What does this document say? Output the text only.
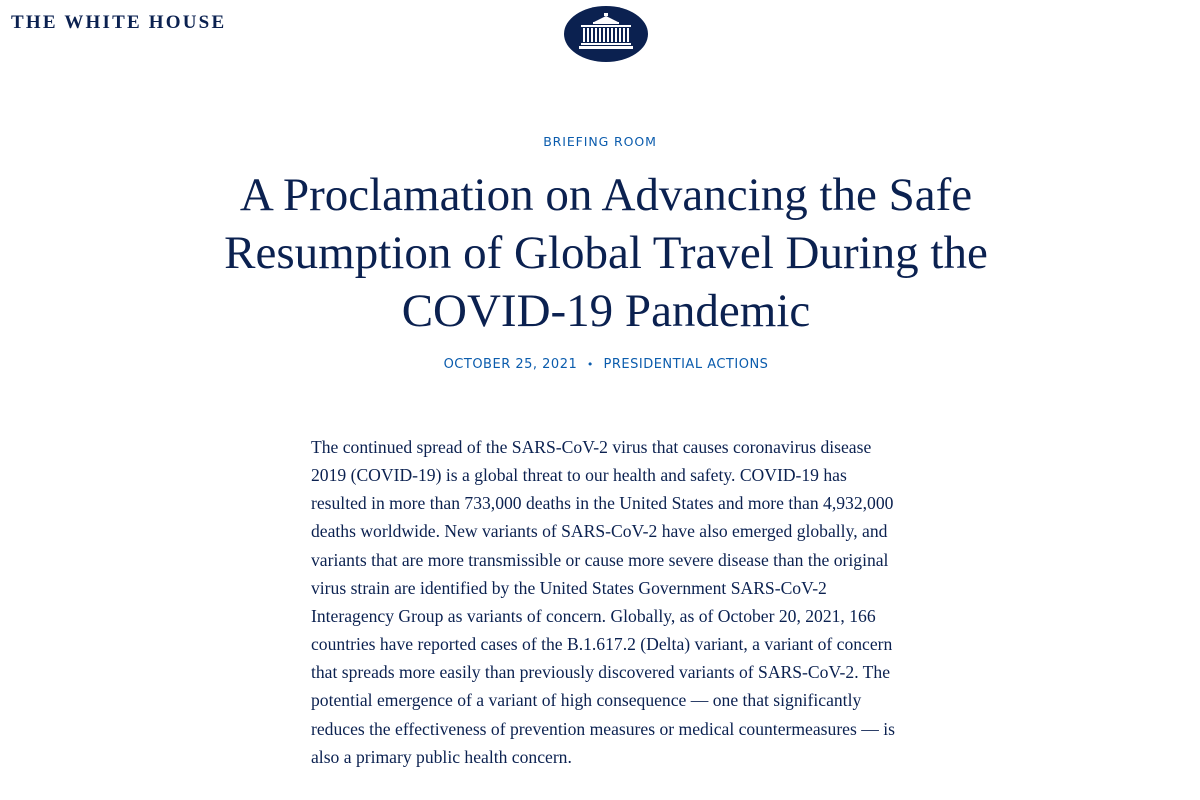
THE WHITE HOUSE
BRIEFING ROOM
A Proclamation on Advancing the Safe Resumption of Global Travel During the COVID-19 Pandemic
OCTOBER 25, 2021 • PRESIDENTIAL ACTIONS

The continued spread of the SARS-CoV-2 virus that causes coronavirus disease 2019 (COVID-19) is a global threat to our health and safety. COVID-19 has resulted in more than 733,000 deaths in the United States and more than 4,932,000 deaths worldwide. New variants of SARS-CoV-2 have also emerged globally, and variants that are more transmissible or cause more severe disease than the original virus strain are identified by the United States Government SARS-CoV-2 Interagency Group as variants of concern. Globally, as of October 20, 2021, 166 countries have reported cases of the B.1.617.2 (Delta) variant, a variant of concern that spreads more easily than previously discovered variants of SARS-CoV-2. The potential emergence of a variant of high consequence — one that significantly reduces the effectiveness of prevention measures or medical countermeasures — is also a primary public health concern.
